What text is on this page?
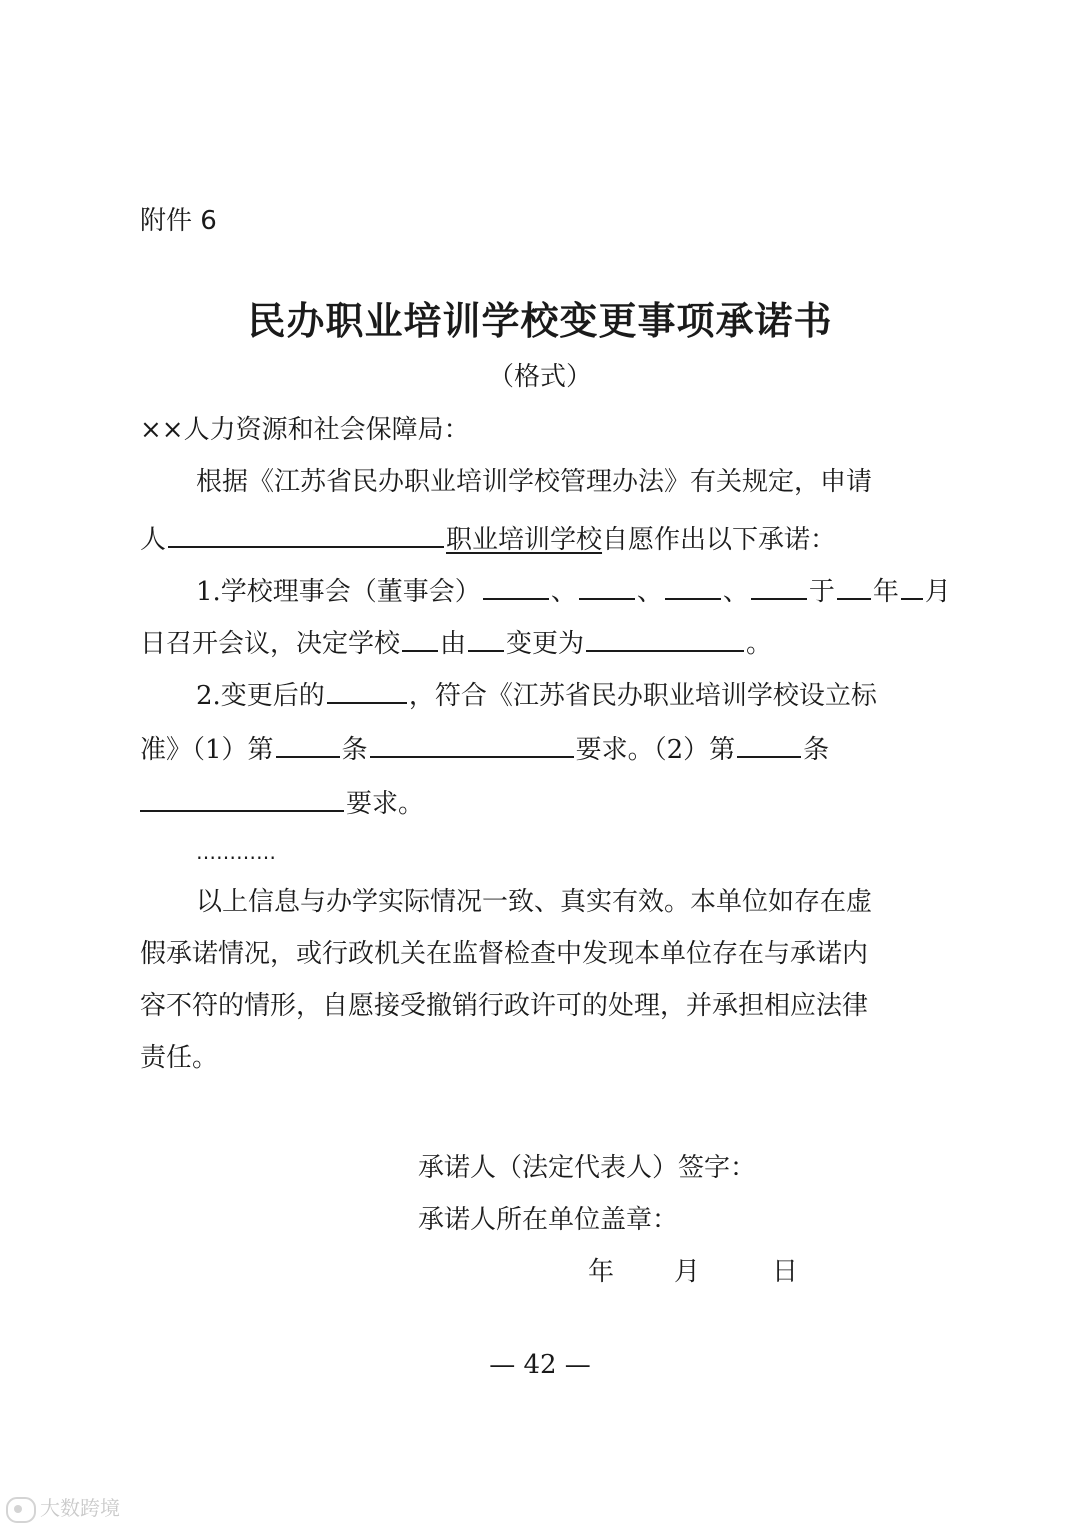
附件 6
民办职业培训学校变更事项承诺书
（格式）
××人力资源和社会保障局：
根据《江苏省民办职业培训学校管理办法》有关规定，申请
人	职业培训学校自愿作出以下承诺：
1.学校理事会（董事会）	、 、 、 于 年 月
日召开会议，决定学校 由 变更为	。
2.变更后的	，符合《江苏省民办职业培训学校设立标
准》（1）第	条	要求。（2）第	条
要求。
…………
以上信息与办学实际情况一致、真实有效。本单位如存在虚
假承诺情况，或行政机关在监督检查中发现本单位存在与承诺内
容不符的情形，自愿接受撤销行政许可的处理，并承担相应法律
责任。
承诺人（法定代表人）签字：
承诺人所在单位盖章：
年 月	日
— 42 —
大数跨境
